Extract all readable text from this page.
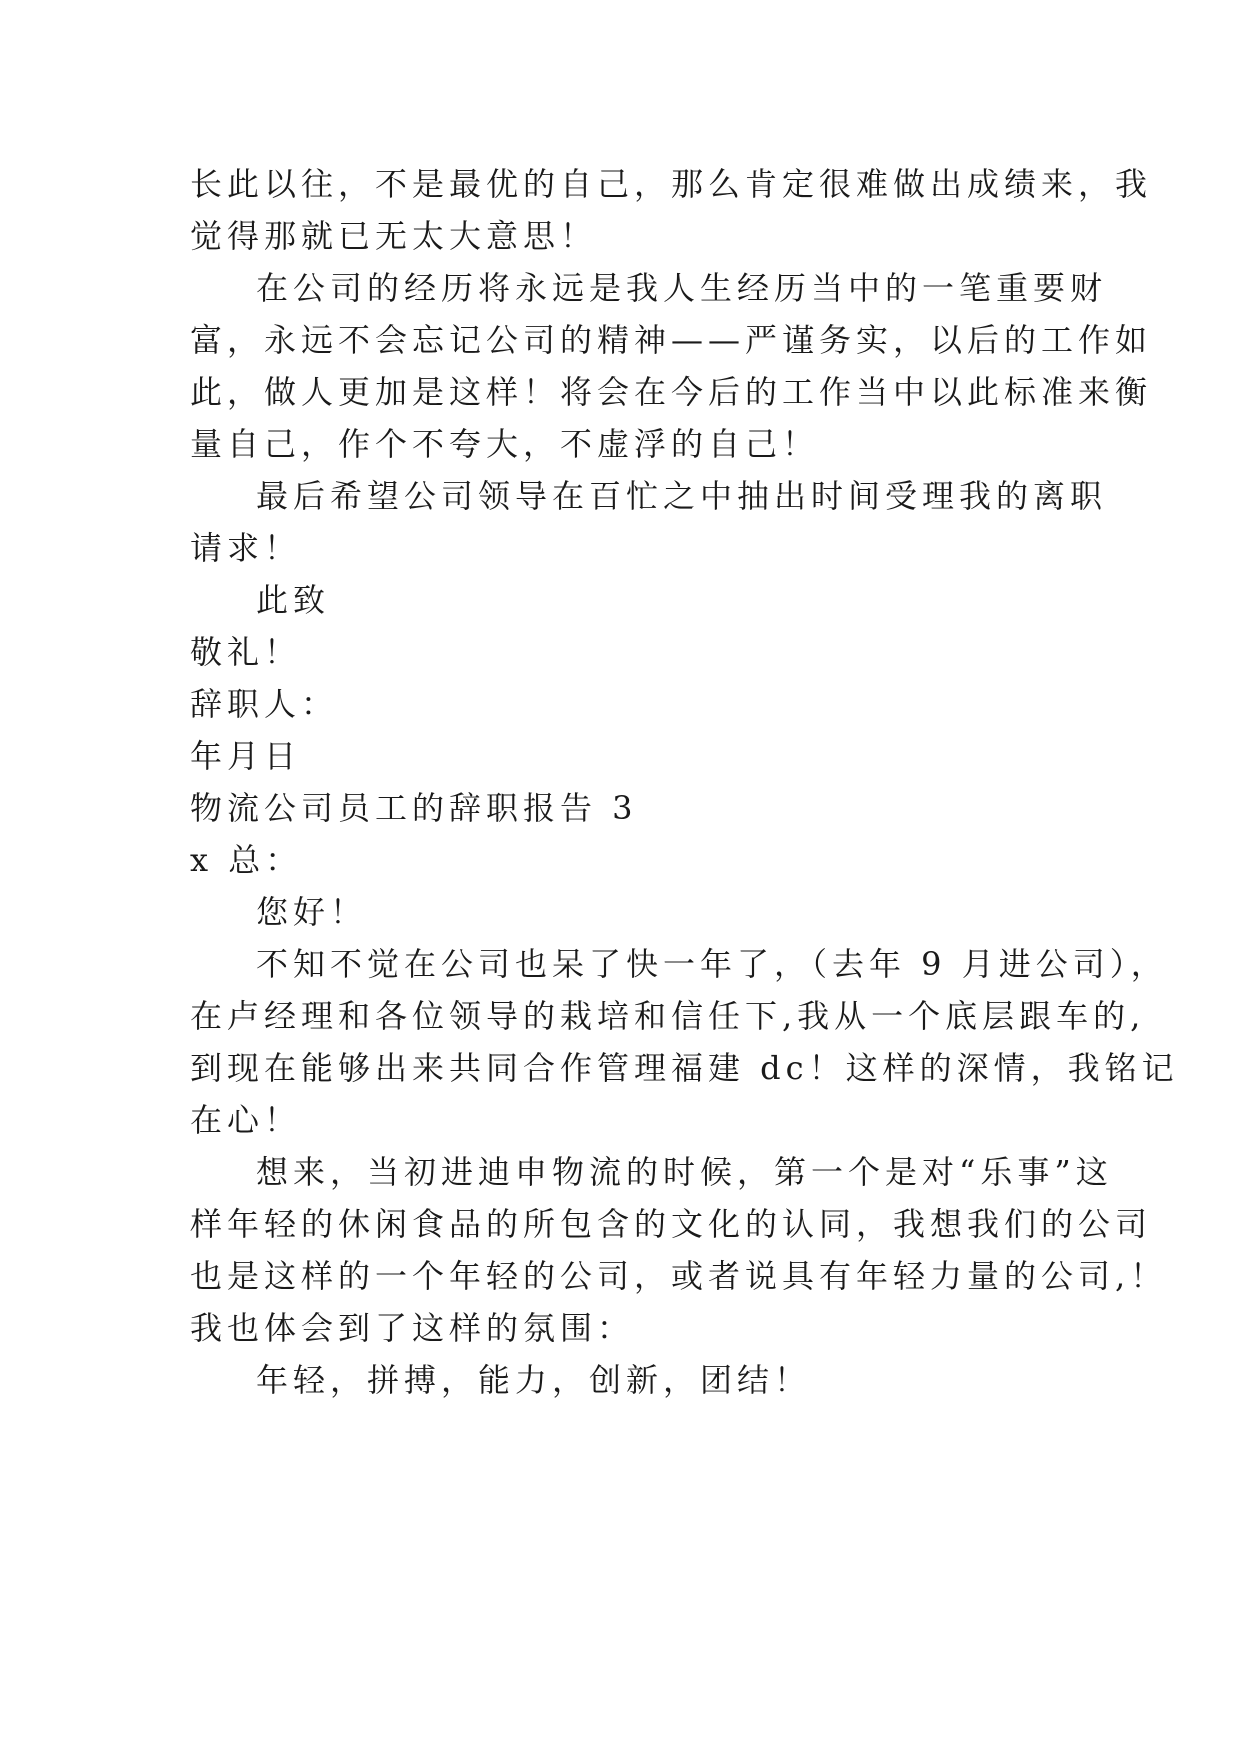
长此以往，不是最优的自己，那么肯定很难做出成绩来，我
觉得那就已无太大意思！
在公司的经历将永远是我人生经历当中的一笔重要财
富，永远不会忘记公司的精神——严谨务实，以后的工作如
此，做人更加是这样！将会在今后的工作当中以此标准来衡
量自己，作个不夸大，不虚浮的自己！
最后希望公司领导在百忙之中抽出时间受理我的离职
请求！
此致
敬礼！
辞职人：
年月日
物流公司员工的辞职报告 3
x 总：
您好！
不知不觉在公司也呆了快一年了，（去年 9 月进公司），
在卢经理和各位领导的栽培和信任下,我从一个底层跟车的,
到现在能够出来共同合作管理福建 dc！这样的深情，我铭记
在心！
想来，当初进迪申物流的时候，第一个是对“乐事”这
样年轻的休闲食品的所包含的文化的认同，我想我们的公司
也是这样的一个年轻的公司，或者说具有年轻力量的公司,！
我也体会到了这样的氛围：
年轻，拼搏，能力，创新，团结！
